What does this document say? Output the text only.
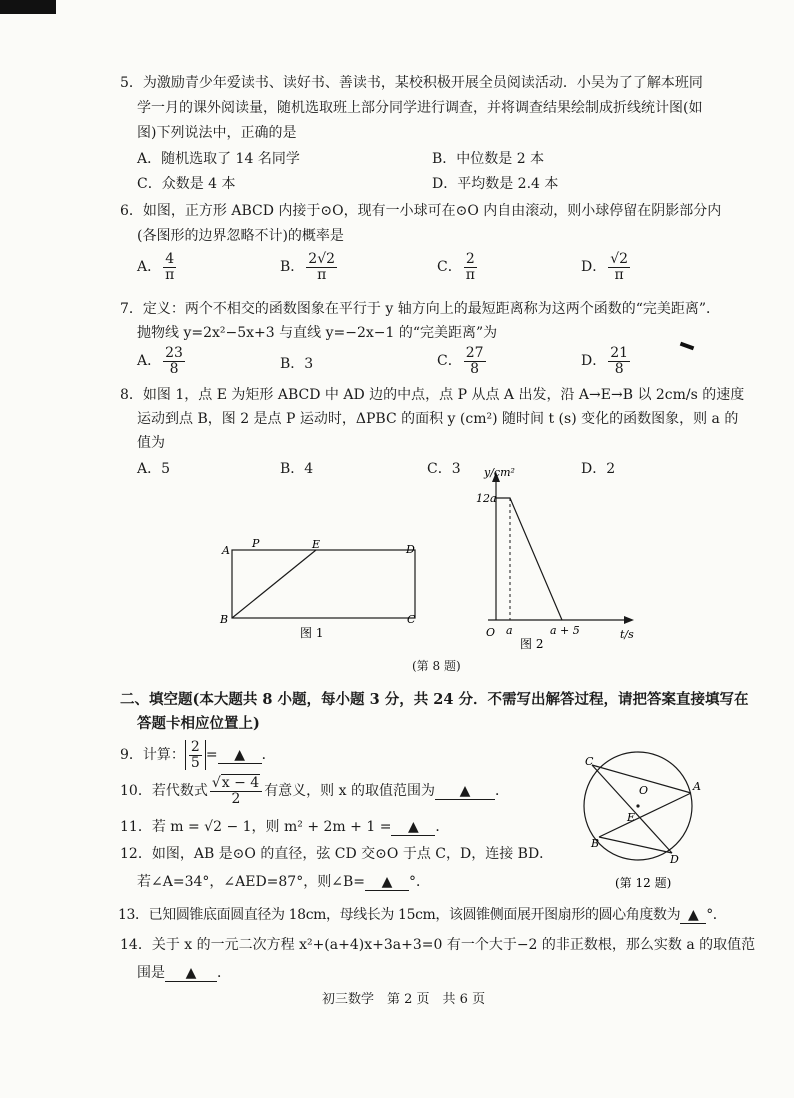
5．为激励青少年爱读书、读好书、善读书，某校积极开展全员阅读活动．小吴为了了解本班同
学一月的课外阅读量，随机选取班上部分同学进行调查，并将调查结果绘制成折线统计图(如
图)下列说法中，正确的是
A．随机选取了 14 名同学	B．中位数是 2 本
C．众数是 4 本	D．平均数是 2.4 本
6．如图，正方形 ABCD 内接于⊙O，现有一小球可在⊙O 内自由滚动，则小球停留在阴影部分内
(各图形的边界忽略不计)的概率是
A． $\frac{4}{\pi}$	B． $\frac{2√2}{\pi}$	C． $\frac{2}{\pi}$	D． $\frac{√2}{\pi}$
7．定义：两个不相交的函数图象在平行于 y 轴方向上的最短距离称为这两个函数的“完美距离”．
抛物线 y=2x²−5x+3 与直线 y=−2x−1 的“完美距离”为
A． $\frac{23}{8}$	B．3	C． $\frac{27}{8}$	D． $\frac{21}{8}$
8．如图 1，点 E 为矩形 ABCD 中 AD 边的中点，点 P 从点 A 出发，沿 A→E→B 以 2cm/s 的速度
运动到点 B，图 2 是点 P 运动时，ΔPBC 的面积 y (cm²) 随时间 t (s) 变化的函数图象，则 a 的
值为
A．5	B．4	C．3	D．2
A
P	E	D
B	C
图 1
y/cm²
12a
O a	a + 5	t/s
图 2
(第 8 题)
二、填空题(本大题共 8 小题，每小题 3 分，共 24 分．不需写出解答过程，请把答案直接填写在
答题卡相应位置上)
9．计算： $\frac{2}{5}$ = ▲ ．
10．若代数式 $\frac{√x - 4}{2}$ 有意义，则 x 的取值范围为 ▲ ．
11．若 m = √2 − 1，则 m² + 2m + 1 = ▲ ．
12．如图，AB 是⊙O 的直径，弦 CD 交⊙O 于点 C，D，连接 BD．
若∠A=34°，∠AED=87°，则∠B= ▲ °．
A
C
O
E
B
D
(第 12 题)
13．已知圆锥底面圆直径为 18cm，母线长为 15cm，该圆锥侧面展开图扇形的圆心角度数为 ▲ °．
14．关于 x 的一元二次方程 x²+(a+4)x+3a+3=0 有一个大于−2 的非正数根，那么实数 a 的取值范
围是 ▲ ．
初三数学　第 2 页　共 6 页
